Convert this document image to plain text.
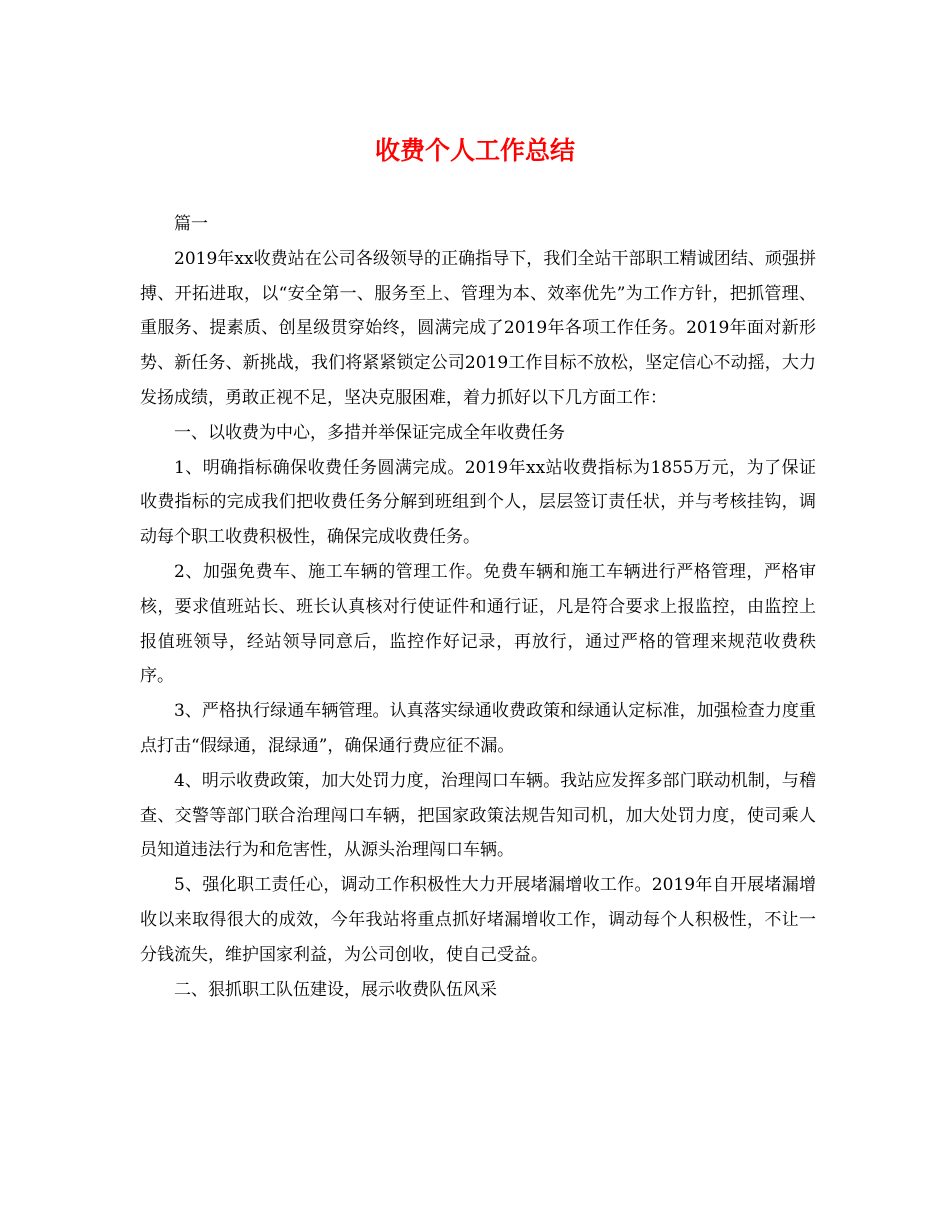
收费个人工作总结

篇一

2019年xx收费站在公司各级领导的正确指导下，我们全站干部职工精诚团结、顽强拼搏、开拓进取，以“安全第一、服务至上、管理为本、效率优先”为工作方针，把抓管理、重服务、提素质、创星级贯穿始终，圆满完成了2019年各项工作任务。2019年面对新形势、新任务、新挑战，我们将紧紧锁定公司2019工作目标不放松，坚定信心不动摇，大力发扬成绩，勇敢正视不足，坚决克服困难，着力抓好以下几方面工作：

一、以收费为中心，多措并举保证完成全年收费任务

1、明确指标确保收费任务圆满完成。2019年xx站收费指标为1855万元，为了保证收费指标的完成我们把收费任务分解到班组到个人，层层签订责任状，并与考核挂钩，调动每个职工收费积极性，确保完成收费任务。

2、加强免费车、施工车辆的管理工作。免费车辆和施工车辆进行严格管理，严格审核，要求值班站长、班长认真核对行使证件和通行证，凡是符合要求上报监控，由监控上报值班领导，经站领导同意后，监控作好记录，再放行，通过严格的管理来规范收费秩序。

3、严格执行绿通车辆管理。认真落实绿通收费政策和绿通认定标准，加强检查力度重点打击“假绿通，混绿通”，确保通行费应征不漏。

4、明示收费政策，加大处罚力度，治理闯口车辆。我站应发挥多部门联动机制，与稽查、交警等部门联合治理闯口车辆，把国家政策法规告知司机，加大处罚力度，使司乘人员知道违法行为和危害性，从源头治理闯口车辆。

5、强化职工责任心，调动工作积极性大力开展堵漏增收工作。2019年自开展堵漏增收以来取得很大的成效，今年我站将重点抓好堵漏增收工作，调动每个人积极性，不让一分钱流失，维护国家利益，为公司创收，使自己受益。

二、狠抓职工队伍建设，展示收费队伍风采
